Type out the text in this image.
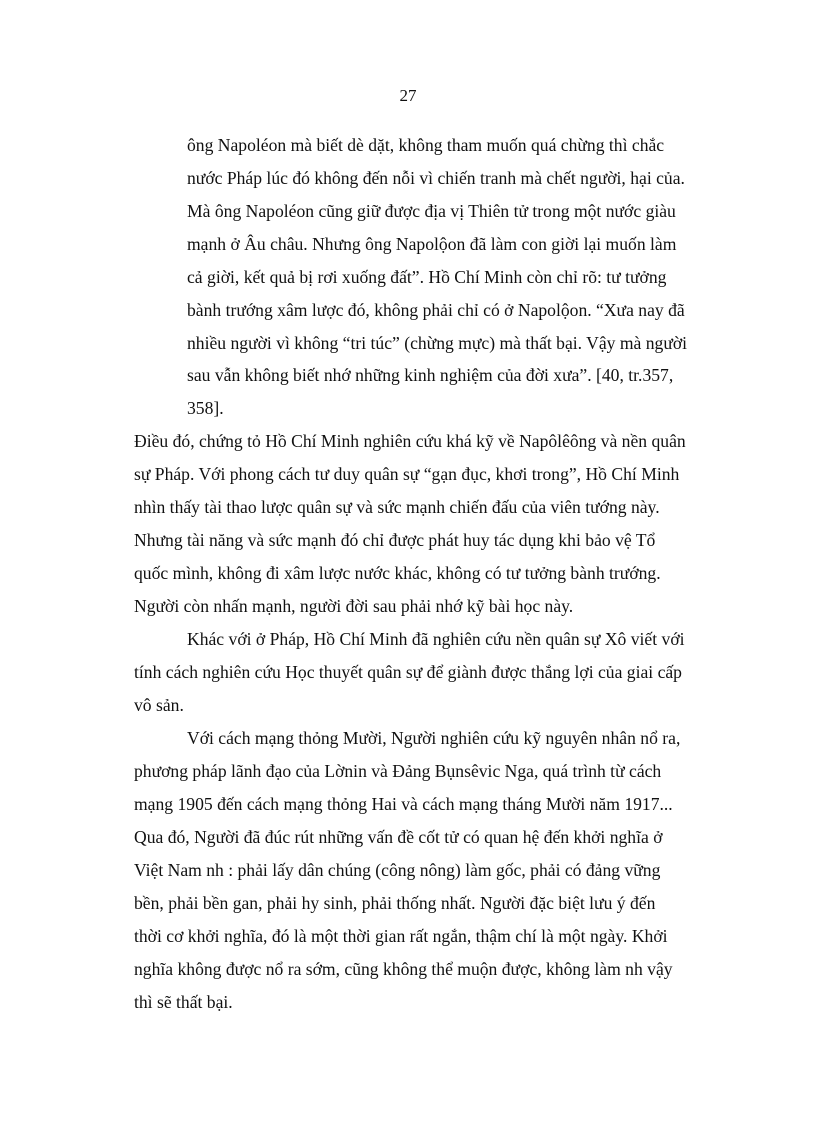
27
ông Napoléon mà biết dè dặt, không tham muốn quá chừng thì chắc
nước Pháp lúc đó không đến nỗi vì chiến tranh mà chết người, hại của.
Mà ông Napoléon cũng giữ được địa vị Thiên tử trong một nước giàu
mạnh ở Âu châu. Nhưng ông Napolộon đã làm con giời lại muốn làm
cả giời, kết quả bị rơi xuống đất”. Hồ Chí Minh còn chỉ rõ: tư tưởng
bành trướng xâm lược đó, không phải chỉ có ở Napolộon. “Xưa nay đã
nhiều người vì không “tri túc” (chừng mực) mà thất bại. Vậy mà người
sau vẫn không biết nhớ những kinh nghiệm của đời xưa”. [40, tr.357,
358].
Điều đó, chứng tỏ Hồ Chí Minh nghiên cứu khá kỹ về Napôlêông và nền quân
sự Pháp. Với phong cách tư duy quân sự “gạn đục, khơi trong”, Hồ Chí Minh
nhìn thấy tài thao lược quân sự và sức mạnh chiến đấu của viên tướng này.
Nhưng tài năng và sức mạnh đó chỉ được phát huy tác dụng khi bảo vệ Tổ
quốc mình, không đi xâm lược nước khác, không có tư tưởng bành trướng.
Người còn nhấn mạnh, người đời sau phải nhớ kỹ bài học này.
Khác với ở Pháp, Hồ Chí Minh đã nghiên cứu nền quân sự Xô viết với
tính cách nghiên cứu Học thuyết quân sự để giành được thắng lợi của giai cấp
vô sản.
Với cách mạng thỏng Mười, Người nghiên cứu kỹ nguyên nhân nổ ra,
phương pháp lãnh đạo của Lờnin và Đảng Bụnsêvic Nga, quá trình từ cách
mạng 1905 đến cách mạng thỏng Hai và cách mạng tháng Mười năm 1917...
Qua đó, Người đã đúc rút những vấn đề cốt tử có quan hệ đến khởi nghĩa ở
Việt Nam nh : phải lấy dân chúng (công nông) làm gốc, phải có đảng vững
bền, phải bền gan, phải hy sinh, phải thống nhất. Người đặc biệt lưu ý đến
thời cơ khởi nghĩa, đó là một thời gian rất ngắn, thậm chí là một ngày. Khởi
nghĩa không được nổ ra sớm, cũng không thể muộn được, không làm nh vậy
thì sẽ thất bại.
